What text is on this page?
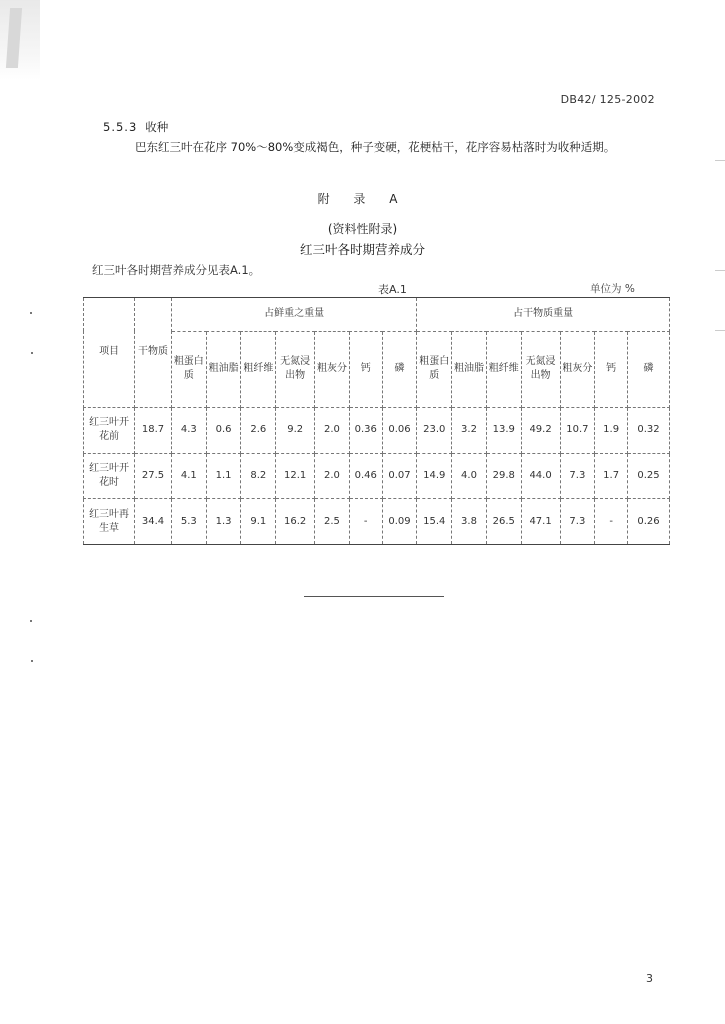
DB42/ 125-2002
5.5.3 收种
巴东红三叶在花序 70%～80%变成褐色，种子变硬，花梗枯干，花序容易枯落时为收种适期。
附 录 A
(资料性附录)
红三叶各时期营养成分
红三叶各时期营养成分见表A.1。
表A.1	单位为 %
项目	干物质	占鲜重之重量							占干物质重量						
		粗蛋白质	粗油脂	粗纤维	无氮浸出物	粗灰分	钙	磷	粗蛋白质	粗油脂	粗纤维	无氮浸出物	粗灰分	钙	磷
红三叶开花前	18.7	4.3	0.6	2.6	9.2	2.0	0.36	0.06	23.0	3.2	13.9	49.2	10.7	1.9	0.32
红三叶开花时	27.5	4.1	1.1	8.2	12.1	2.0	0.46	0.07	14.9	4.0	29.8	44.0	7.3	1.7	0.25
红三叶再生草	34.4	5.3	1.3	9.1	16.2	2.5	-	0.09	15.4	3.8	26.5	47.1	7.3	-	0.26
3
